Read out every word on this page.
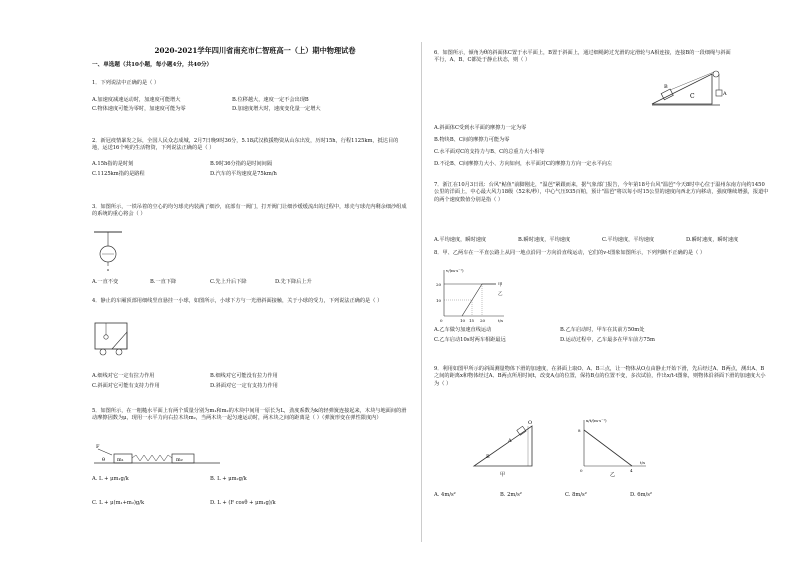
2020-2021学年四川省南充市仁智班高一（上）期中物理试卷
一、单选题（共10小题，每小题4分，共40分）
1．下列说法中正确的是（ ）
A.加速度减速运动时，加速度可能增大	B.位移越大，速度一定不会出现B
C.物体速度可能为零时，加速度可能为零	D.加速度增大时，速度变化量一定增大
2．新冠疫情暴发之际，全国人民众志成城，2月7日晚9时36分，5.18武汉救援物资从山东出发，历时15h，行程1125km，抵达目的地，运送16个吨的生活物资，下列说法正确的是（ ）
A.15h指的是时刻	B.9时36分指的是时间间隔
C.1125km指的是路程	D.汽车的平均速度是75km/h
3．如图所示，一铁吊着的空心的均匀球壳内装满了细沙，底部有一阀门，打开阀门让细沙缓缓流出的过程中，球壳与球壳内剩余细沙组成的系统的重心将会（ ）
A.一直不变	B.一直下降	C.先上升后下降	D.先下降后上升
4．静止的车厢顶部用细线竖直悬挂一小球，如图所示，小球下方与一光滑斜面接触，关于小球的受力，下列说法正确的是（ ）
A.细线对它一定有拉力作用	B.细线对它可能没有拉力作用
C.斜面对它可能有支持力作用	D.斜面对它一定有支持力作用
5．如图所示，在一粗糙水平面上有两个质量分别为m₁和m₂的木块中间用一原长为L，劲度系数为k的轻弹簧连接起来，木块与地面间的滑动摩擦因数为μ，现用一水平力向右拉木块m₂，当两木块一起匀速运动时，两木块之间的距离是（ ）（弹簧形变在弹性限度内）
F
θ m₁	m₂
A. L + μm₁g/k	B. L + μm₂g/k
C. L + μ(m₁+m₂)g/k	D. L + (F cosθ + μm₁g)/k
6．如图所示，倾角为θ的斜面体C置于水平面上，B置于斜面上，通过细绳跨过光滑的定滑轮与A相连接，连接B的一段细绳与斜面平行，A、B、C都处于静止状态，则（ ）
B
C	A
A.斜面体C受到水平面的摩擦力一定为零
B.物块B、C间的摩擦力可能为零
C.水平面对C的支持力与B、C的总重力大小相等
D.不论B、C间摩擦力大小、方向如何，水平面对C的摩擦力方向一定水平向左
7．浙江在10月3日讯：台风"鲇鱼"前脚刚走，"温芭"紧跟而来，据气象部门报告，今年第18号台风"温芭"今天8时中心位于温州东南方向约1450公里的洋面上，中心最大风力18级（52米/秒），中心气压935百帕，预计"温芭"将以每小时15公里的速度向西北方向移动，强度继续增强，报道中的两个速度数值分别是指（ ）
A.平均速度，瞬时速度	B.瞬时速度，平均速度	C.平均速度，平均速度	D.瞬时速度，瞬时速度
8．甲、乙两车在一平直公路上从同一地点沿同一方向沿直线运动，它们的v-t图象如图所示，下列判断不正确的是（ ）
v/(m·s⁻¹)
20
10
0	10 15 20	t/s
甲
乙
A.乙车做匀加速直线运动	B.乙车启动时，甲车在其前方50m处
C.乙车启动10s时两车相距最远	D.运动过程中，乙车最多在甲车前方75m
9．利用如图甲所示的斜面测量物体下滑的加速度，在斜面上取O、A、B三点，让一物体从O点由静止开始下滑，先后经过A、B两点，测出A、B之间的距离x和物体经过A、B两点所用时间t，改变A点的位置，保持B点的位置不变，多次试验，作出x/t-t图象，则物体沿斜面下滑的加速度大小为（ ）
O
A
B
甲
x/t/(m·s⁻¹)
8
4
0
t/s
乙
A. 4m/s²	B. 2m/s²	C. 8m/s²	D. 6m/s²
